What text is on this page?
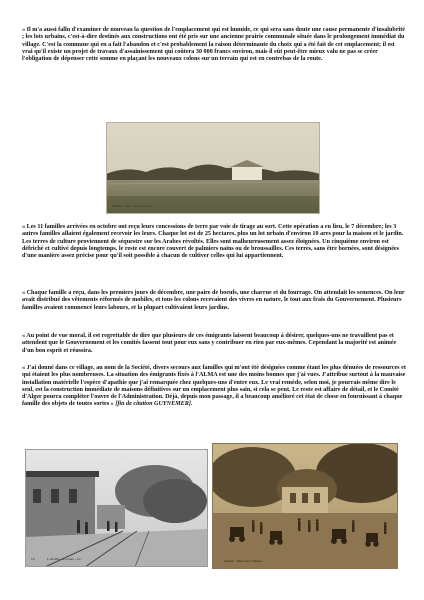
« Il m'a aussi fallu d'examiner de nouveau la question de l'emplacement qui est humide, ce qui sera sans doute une cause permanente d'insalubrité ; les lots urbains, c'est-à-dire destinés aux constructions ont été pris sur une ancienne prairie communale située dans le prolongement immédiat du village. C'est la commune qui en a fait l'abandon et c'est probablement la raison déterminante du choix qui a été fait de cet emplacement; il est vrai qu'il existe un projet de travaux d'assainissement qui coûtera 30 000 francs environ, mais il eût peut-être mieux valu ne pas se créer l'obligation de dépenser cette somme en plaçant les nouveaux colons sur un terrain qui est en contrebas de la route.

ALMA – 1902 – Vue générale

« Les 11 familles arrivées en octobre ont reçu leurs concessions de terre par voie de tirage au sort. Cette opération a eu lieu, le 7 décembre; les 3 autres familles allaient également recevoir les leurs. Chaque lot est de 25 hectares, plus un lot urbain d'environ 10 ares pour la maison et le jardin. Les terres de culture proviennent de séquestre sur les Arabes révoltés. Elles sont malheureusement assez éloignées. Un cinquième environ est défriché et cultivé depuis longtemps, le reste est encore couvert de palmiers nains ou de broussailles. Ces terres, sans être bornées, sont désignées d'une manière assez précise pour qu'il soit possible à chacun de cultiver celles qui lui appartiennent.

« Chaque famille a reçu, dans les premiers jours de décembre, une paire de boeufs, une charrue et du fourrage. On attendait les semences. On leur avait distribué des vêtements réformés de mobiles, et tous les colons recevaient des vivres en nature, le tout aux frais du Gouvernement. Plusieurs familles avaient commencé leurs labours, et la plupart cultivaient leurs jardins.

« Au point de vue moral, il est regrettable de dire que plusieurs de ces émigrants laissent beaucoup à désirer, quelques-uns ne travaillent pas et attendent que le Gouvernement et les comités fassent tout pour eux sans y contribuer en rien par eux-mêmes. Cependant la majorité est animée d'un bon esprit et réussira.

« J'ai donné dans ce village, au nom de la Société, divers secours aux familles qui m'ont été désignées comme étant les plus dénuées de ressources et qui étaient les plus nombreuses. La situation des émigrants fixés à l'ALMA est une des moins bonnes que j'ai vues. J'attribue surtout à la mauvaise installation matérielle l'espèce d'apathie que j'ai remarquée chez quelques-uns d'entre eux. Le vrai remède, selon moi, je pourrais même dire le seul, est la construction immédiate de maisons définitives sur un emplacement plus sain, si cela se peut. Le reste est affaire de détail, et le Comité d'Alger pourra compléter l'ouvre de l'Administration. Déjà, depuis mon passage, il a beaucoup amélioré cet état de chose en fournissant à chaque famille des objets de toutes sortes » [fin de citation GUYNEMER].

10	L'ALMA – La Gare – LL	ALMA – Place de la Mairie
